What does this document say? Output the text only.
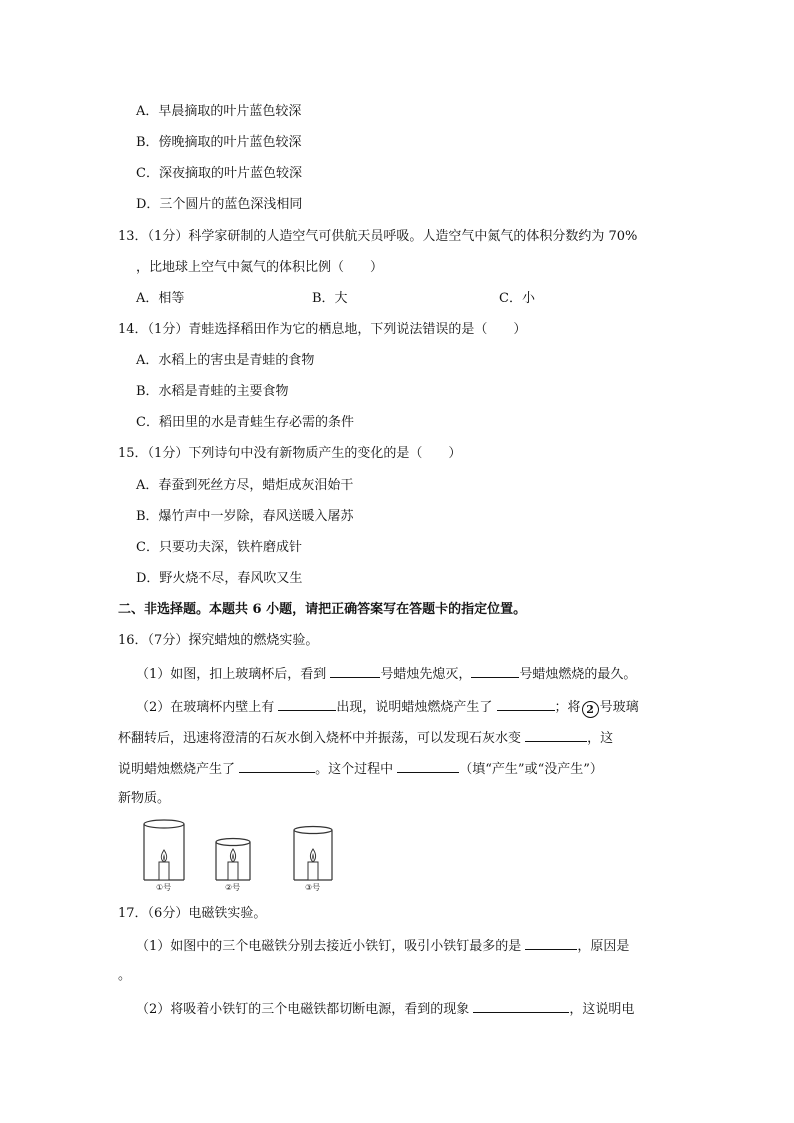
A．早晨摘取的叶片蓝色较深
B．傍晚摘取的叶片蓝色较深
C．深夜摘取的叶片蓝色较深
D．三个圆片的蓝色深浅相同
13．（1分）科学家研制的人造空气可供航天员呼吸。人造空气中氮气的体积分数约为 70%
，比地球上空气中氮气的体积比例（　　）
A．相等	B．大	C．小
14．（1分）青蛙选择稻田作为它的栖息地，下列说法错误的是（　　）
A．水稻上的害虫是青蛙的食物
B．水稻是青蛙的主要食物
C．稻田里的水是青蛙生存必需的条件
15．（1分）下列诗句中没有新物质产生的变化的是（　　）
A．春蚕到死丝方尽，蜡炬成灰泪始干
B．爆竹声中一岁除，春风送暖入屠苏
C．只要功夫深，铁杵磨成针
D．野火烧不尽，春风吹又生
二、非选择题。本题共 6 小题，请把正确答案写在答题卡的指定位置。
16．（7分）探究蜡烛的燃烧实验。
（1）如图，扣上玻璃杯后，看到	号蜡烛先熄灭，	号蜡烛燃烧的最久。
（2）在玻璃杯内壁上有	出现，说明蜡烛燃烧产生了	；将 2 号玻璃
杯翻转后，迅速将澄清的石灰水倒入烧杯中并振荡，可以发现石灰水变	，这
说明蜡烛燃烧产生了	。这个过程中	（填“产生”或“没产生”）
新物质。
①号	②号	③号
17．（6分）电磁铁实验。
（1）如图中的三个电磁铁分别去接近小铁钉，吸引小铁钉最多的是	，原因是
。
（2）将吸着小铁钉的三个电磁铁都切断电源，看到的现象	，这说明电
